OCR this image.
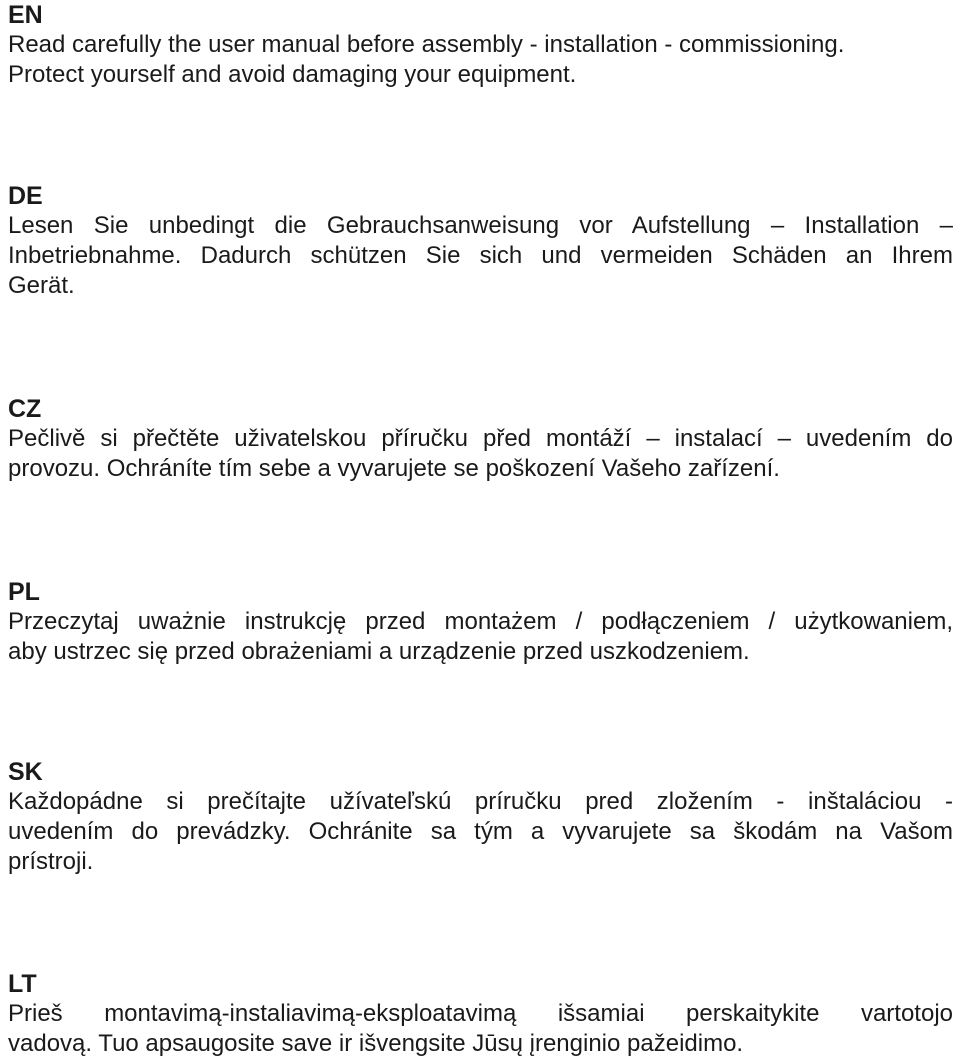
EN

Read carefully the user manual before assembly - installation - commissioning.
Protect yourself and avoid damaging your equipment.

DE

Lesen Sie unbedingt die Gebrauchsanweisung vor Aufstellung – Installation –
Inbetriebnahme. Dadurch schützen Sie sich und vermeiden Schäden an Ihrem
Gerät.

CZ

Pečlivě si přečtěte uživatelskou příručku před montáží – instalací – uvedením do
provozu. Ochráníte tím sebe a vyvarujete se poškození Vašeho zařízení.

PL

Przeczytaj uważnie instrukcję przed montażem / podłączeniem / użytkowaniem,
aby ustrzec się przed obrażeniami a urządzenie przed uszkodzeniem.

SK

Každopádne si prečítajte užívateľskú príručku pred zložením - inštaláciou -
uvedením do prevádzky. Ochránite sa tým a vyvarujete sa škodám na Vašom
prístroji.

LT

Prieš montavimą-instaliavimą-eksploatavimą išsamiai perskaitykite vartotojo
vadovą. Tuo apsaugosite save ir išvengsite Jūsų įrenginio pažeidimo.
